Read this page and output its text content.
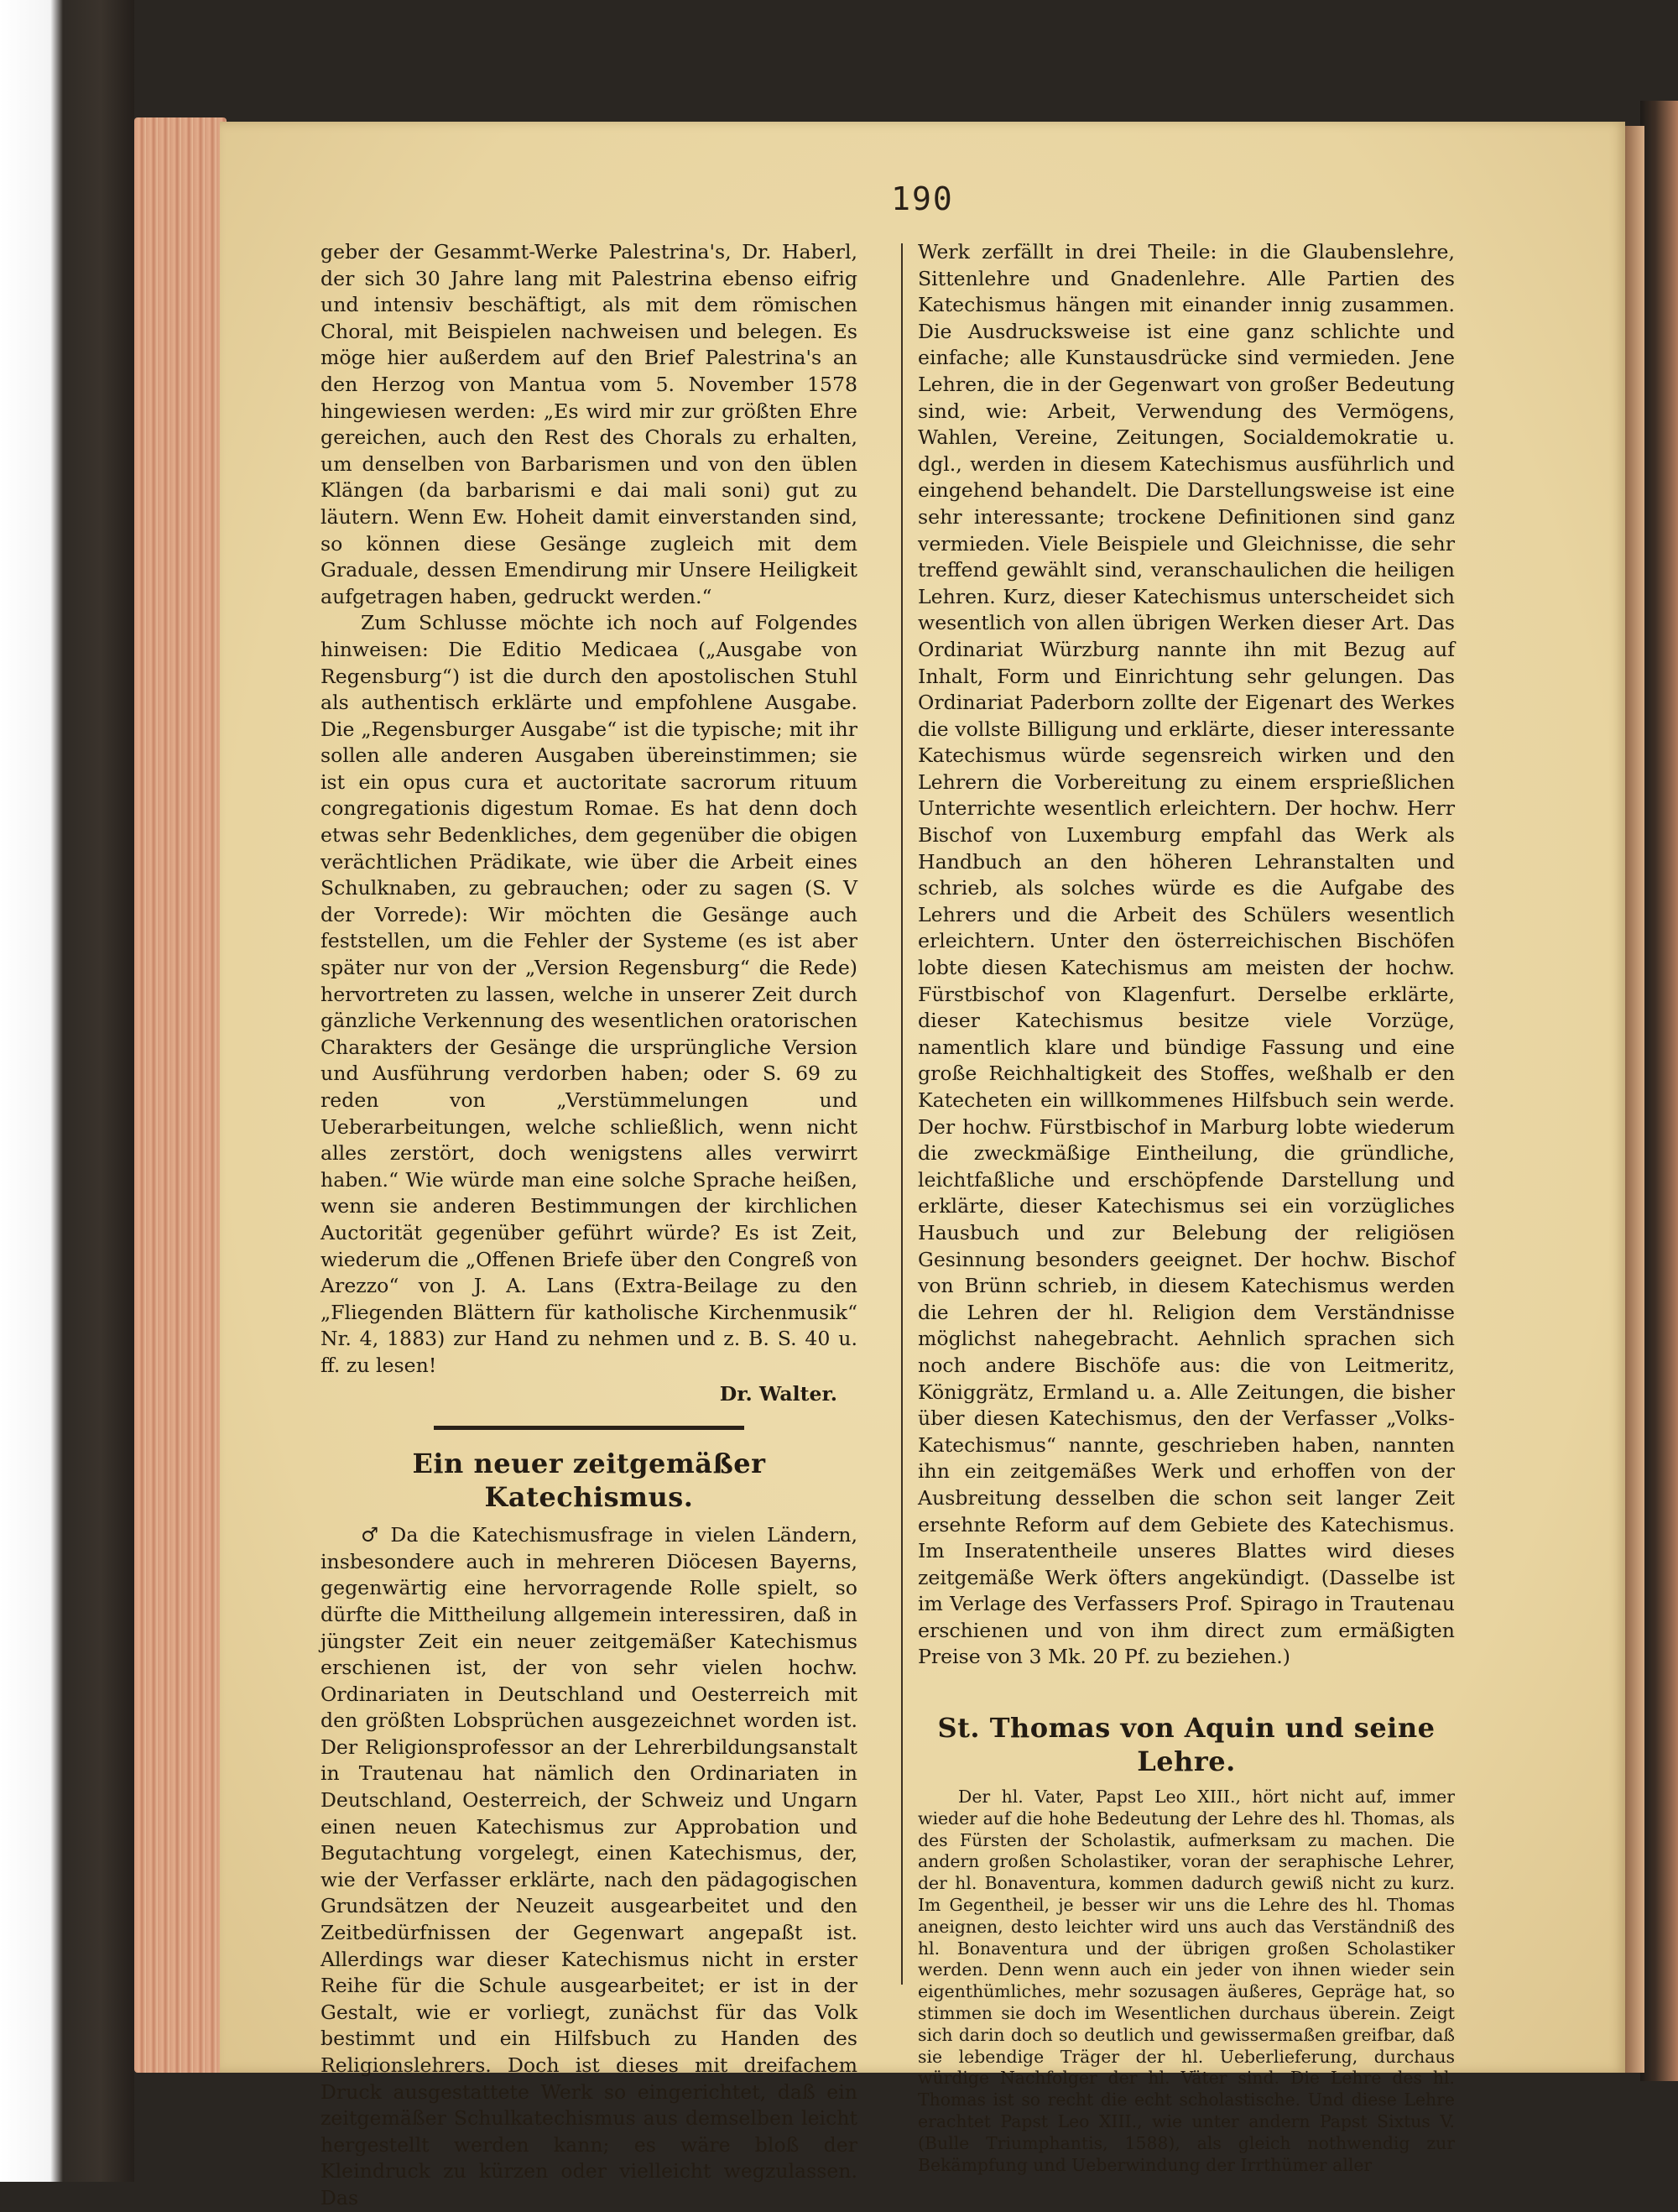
190

geber der Gesammt-Werke Palestrina's, Dr. Haberl, der sich 30 Jahre lang mit Palestrina ebenso eifrig und intensiv beschäftigt, als mit dem römischen Choral, mit Beispielen nachweisen und belegen. Es möge hier außerdem auf den Brief Palestrina's an den Herzog von Mantua vom 5. November 1578 hingewiesen werden: „Es wird mir zur größten Ehre gereichen, auch den Rest des Chorals zu erhalten, um denselben von Barbarismen und von den üblen Klängen (da barbarismi e dai mali soni) gut zu läutern. Wenn Ew. Hoheit damit einverstanden sind, so können diese Gesänge zugleich mit dem Graduale, dessen Emendirung mir Unsere Heiligkeit aufgetragen haben, gedruckt werden.“

Zum Schlusse möchte ich noch auf Folgendes hinweisen: Die Editio Medicaea („Ausgabe von Regensburg“) ist die durch den apostolischen Stuhl als authentisch erklärte und empfohlene Ausgabe. Die „Regensburger Ausgabe“ ist die typische; mit ihr sollen alle anderen Ausgaben übereinstimmen; sie ist ein opus cura et auctoritate sacrorum rituum congregationis digestum Romae. Es hat denn doch etwas sehr Bedenkliches, dem gegenüber die obigen verächtlichen Prädikate, wie über die Arbeit eines Schulknaben, zu gebrauchen; oder zu sagen (S. V der Vorrede): Wir möchten die Gesänge auch feststellen, um die Fehler der Systeme (es ist aber später nur von der „Version Regensburg“ die Rede) hervortreten zu lassen, welche in unserer Zeit durch gänzliche Verkennung des wesentlichen oratorischen Charakters der Gesänge die ursprüngliche Version und Ausführung verdorben haben; oder S. 69 zu reden von „Verstümmelungen und Ueberarbeitungen, welche schließlich, wenn nicht alles zerstört, doch wenigstens alles verwirrt haben.“ Wie würde man eine solche Sprache heißen, wenn sie anderen Bestimmungen der kirchlichen Auctorität gegenüber geführt würde? Es ist Zeit, wiederum die „Offenen Briefe über den Congreß von Arezzo“ von J. A. Lans (Extra-Beilage zu den „Fliegenden Blättern für katholische Kirchenmusik“ Nr. 4, 1883) zur Hand zu nehmen und z. B. S. 40 u. ff. zu lesen!

Dr. Walter.

Ein neuer zeitgemäßer Katechismus.

♂ Da die Katechismusfrage in vielen Ländern, insbesondere auch in mehreren Diöcesen Bayerns, gegenwärtig eine hervorragende Rolle spielt, so dürfte die Mittheilung allgemein interessiren, daß in jüngster Zeit ein neuer zeitgemäßer Katechismus erschienen ist, der von sehr vielen hochw. Ordinariaten in Deutschland und Oesterreich mit den größten Lobsprüchen ausgezeichnet worden ist. Der Religionsprofessor an der Lehrerbildungsanstalt in Trautenau hat nämlich den Ordinariaten in Deutschland, Oesterreich, der Schweiz und Ungarn einen neuen Katechismus zur Approbation und Begutachtung vorgelegt, einen Katechismus, der, wie der Verfasser erklärte, nach den pädagogischen Grundsätzen der Neuzeit ausgearbeitet und den Zeitbedürfnissen der Gegenwart angepaßt ist. Allerdings war dieser Katechismus nicht in erster Reihe für die Schule ausgearbeitet; er ist in der Gestalt, wie er vorliegt, zunächst für das Volk bestimmt und ein Hilfsbuch zu Handen des Religionslehrers. Doch ist dieses mit dreifachem Druck ausgestattete Werk so eingerichtet, daß ein zeitgemäßer Schulkatechismus aus demselben leicht hergestellt werden kann; es wäre bloß der Kleindruck zu kürzen oder vielleicht wegzulassen. Das

Werk zerfällt in drei Theile: in die Glaubenslehre, Sittenlehre und Gnadenlehre. Alle Partien des Katechismus hängen mit einander innig zusammen. Die Ausdrucksweise ist eine ganz schlichte und einfache; alle Kunstausdrücke sind vermieden. Jene Lehren, die in der Gegenwart von großer Bedeutung sind, wie: Arbeit, Verwendung des Vermögens, Wahlen, Vereine, Zeitungen, Socialdemokratie u. dgl., werden in diesem Katechismus ausführlich und eingehend behandelt. Die Darstellungsweise ist eine sehr interessante; trockene Definitionen sind ganz vermieden. Viele Beispiele und Gleichnisse, die sehr treffend gewählt sind, veranschaulichen die heiligen Lehren. Kurz, dieser Katechismus unterscheidet sich wesentlich von allen übrigen Werken dieser Art. Das Ordinariat Würzburg nannte ihn mit Bezug auf Inhalt, Form und Einrichtung sehr gelungen. Das Ordinariat Paderborn zollte der Eigenart des Werkes die vollste Billigung und erklärte, dieser interessante Katechismus würde segensreich wirken und den Lehrern die Vorbereitung zu einem ersprießlichen Unterrichte wesentlich erleichtern. Der hochw. Herr Bischof von Luxemburg empfahl das Werk als Handbuch an den höheren Lehranstalten und schrieb, als solches würde es die Aufgabe des Lehrers und die Arbeit des Schülers wesentlich erleichtern. Unter den österreichischen Bischöfen lobte diesen Katechismus am meisten der hochw. Fürstbischof von Klagenfurt. Derselbe erklärte, dieser Katechismus besitze viele Vorzüge, namentlich klare und bündige Fassung und eine große Reichhaltigkeit des Stoffes, weßhalb er den Katecheten ein willkommenes Hilfsbuch sein werde. Der hochw. Fürstbischof in Marburg lobte wiederum die zweckmäßige Eintheilung, die gründliche, leichtfaßliche und erschöpfende Darstellung und erklärte, dieser Katechismus sei ein vorzügliches Hausbuch und zur Belebung der religiösen Gesinnung besonders geeignet. Der hochw. Bischof von Brünn schrieb, in diesem Katechismus werden die Lehren der hl. Religion dem Verständnisse möglichst nahegebracht. Aehnlich sprachen sich noch andere Bischöfe aus: die von Leitmeritz, Königgrätz, Ermland u. a. Alle Zeitungen, die bisher über diesen Katechismus, den der Verfasser „Volks-Katechismus“ nannte, geschrieben haben, nannten ihn ein zeitgemäßes Werk und erhoffen von der Ausbreitung desselben die schon seit langer Zeit ersehnte Reform auf dem Gebiete des Katechismus. Im Inseratentheile unseres Blattes wird dieses zeitgemäße Werk öfters angekündigt. (Dasselbe ist im Verlage des Verfassers Prof. Spirago in Trautenau erschienen und von ihm direct zum ermäßigten Preise von 3 Mk. 20 Pf. zu beziehen.)

St. Thomas von Aquin und seine Lehre.

Der hl. Vater, Papst Leo XIII., hört nicht auf, immer wieder auf die hohe Bedeutung der Lehre des hl. Thomas, als des Fürsten der Scholastik, aufmerksam zu machen. Die andern großen Scholastiker, voran der seraphische Lehrer, der hl. Bonaventura, kommen dadurch gewiß nicht zu kurz. Im Gegentheil, je besser wir uns die Lehre des hl. Thomas aneignen, desto leichter wird uns auch das Verständniß des hl. Bonaventura und der übrigen großen Scholastiker werden. Denn wenn auch ein jeder von ihnen wieder sein eigenthümliches, mehr sozusagen äußeres, Gepräge hat, so stimmen sie doch im Wesentlichen durchaus überein. Zeigt sich darin doch so deutlich und gewissermaßen greifbar, daß sie lebendige Träger der hl. Ueberlieferung, durchaus würdige Nachfolger der hl. Väter sind. Die Lehre des hl. Thomas ist so recht die echt scholastische. Und diese Lehre erachtet Papst Leo XIII., wie unter andern Papst Sixtus V. (Bulle Triumphantis, 1588), als gleich nothwendig zur Bekämpfung und Ueberwindung der Irrthümer aller
